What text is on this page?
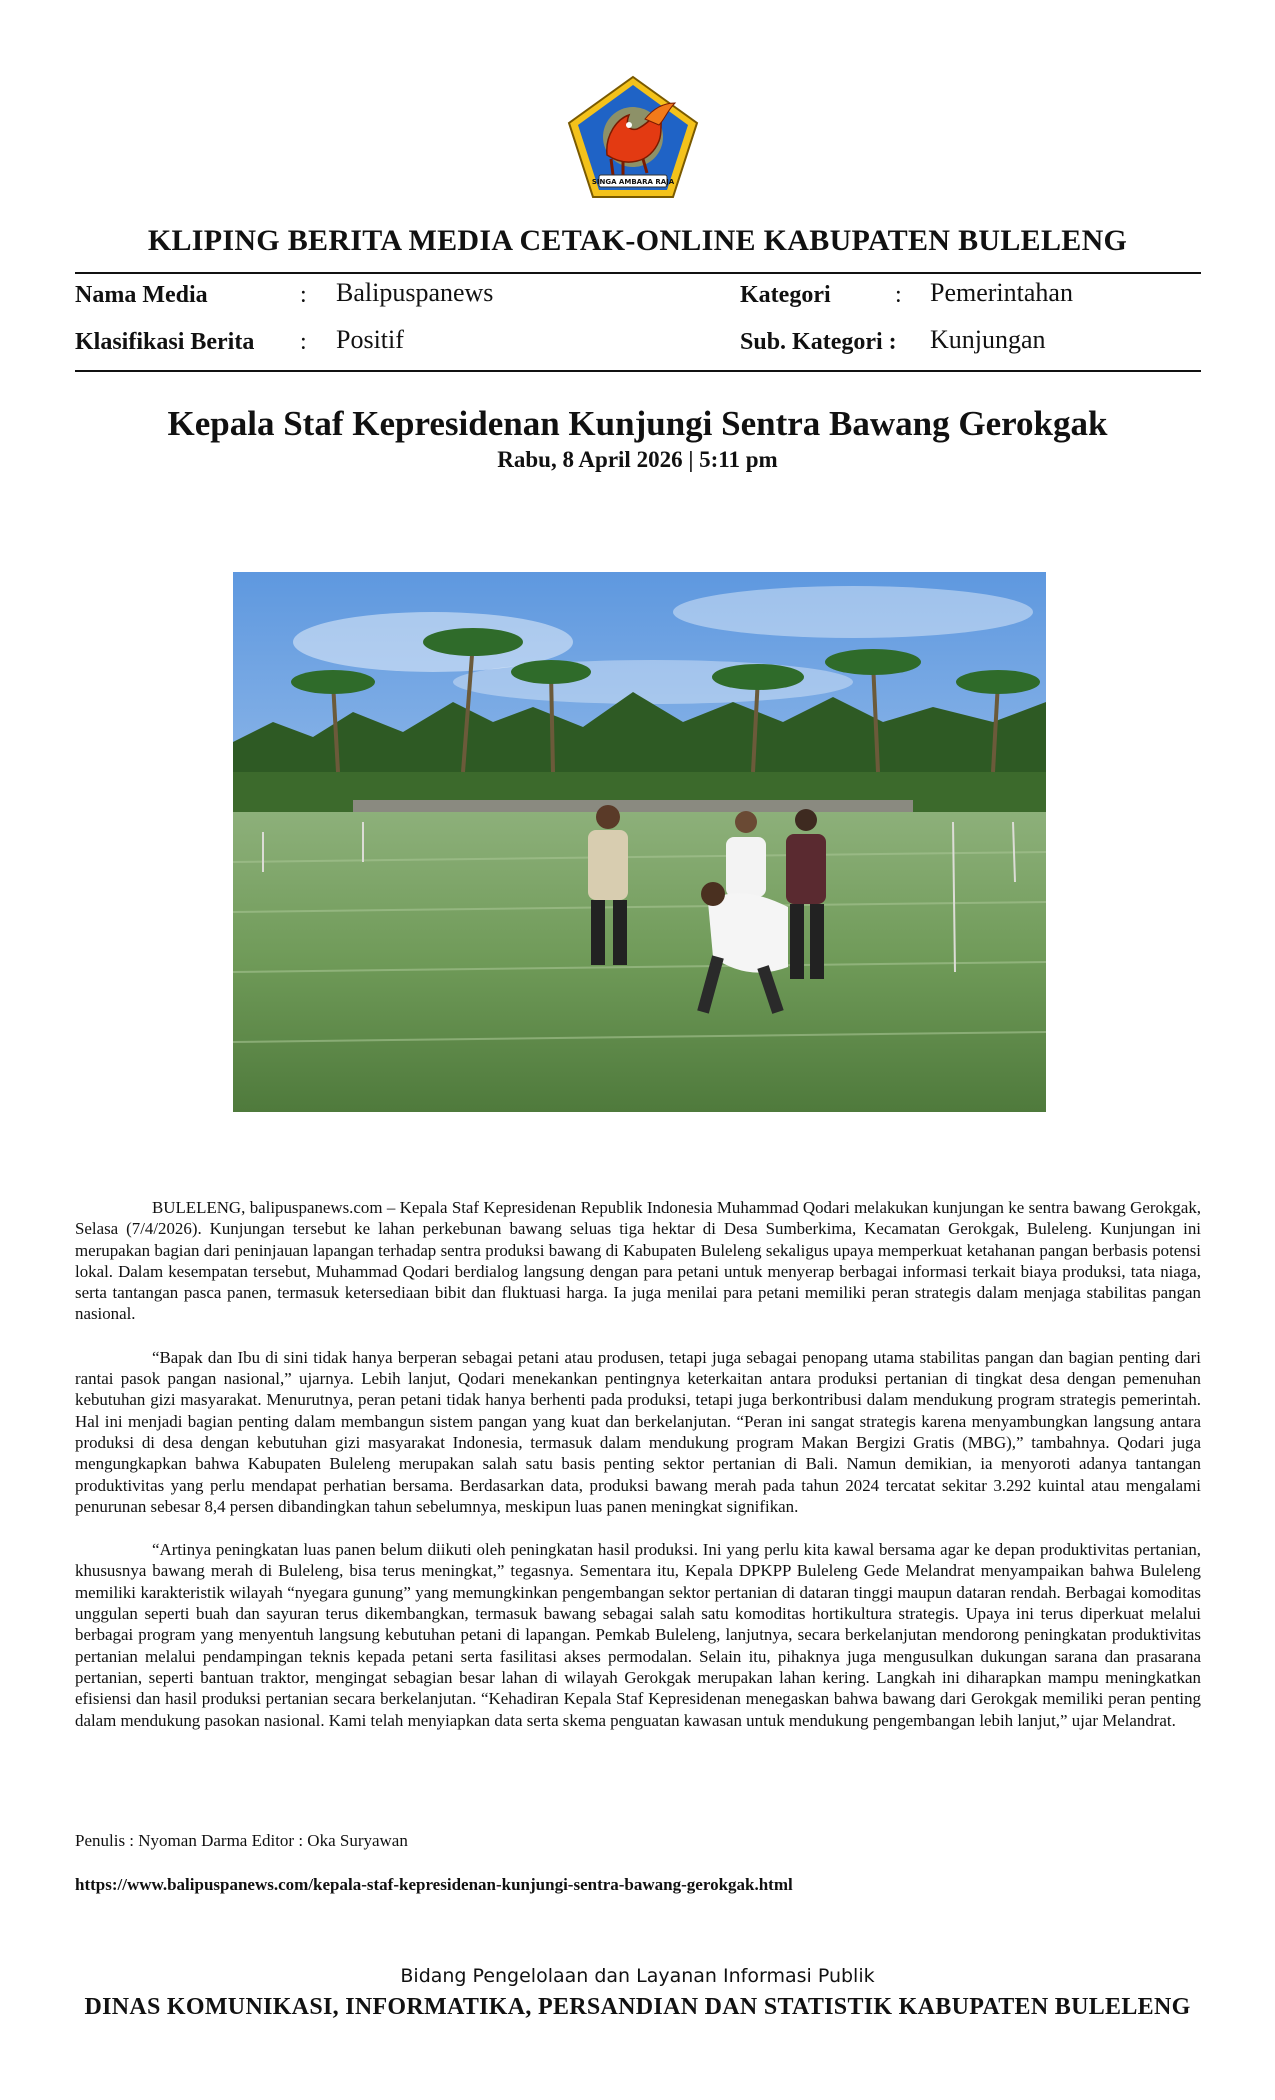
SINGA AMBARA RAJA
KLIPING BERITA MEDIA CETAK-ONLINE KABUPATEN BULELENG
Nama Media	: Balipuspanews	Kategori	: Pemerintahan
Klasifikasi Berita : Positif	Sub. Kategori : Kunjungan
Kepala Staf Kepresidenan Kunjungi Sentra Bawang Gerokgak
Rabu, 8 April 2026 | 5:11 pm

BULELENG, balipuspanews.com – Kepala Staf Kepresidenan Republik Indonesia Muhammad Qodari melakukan kunjungan ke sentra bawang Gerokgak, Selasa (7/4/2026). Kunjungan tersebut ke lahan perkebunan bawang seluas tiga hektar di Desa Sumberkima, Kecamatan Gerokgak, Buleleng. Kunjungan ini merupakan bagian dari peninjauan lapangan terhadap sentra produksi bawang di Kabupaten Buleleng sekaligus upaya memperkuat ketahanan pangan berbasis potensi lokal. Dalam kesempatan tersebut, Muhammad Qodari berdialog langsung dengan para petani untuk menyerap berbagai informasi terkait biaya produksi, tata niaga, serta tantangan pasca panen, termasuk ketersediaan bibit dan fluktuasi harga. Ia juga menilai para petani memiliki peran strategis dalam menjaga stabilitas pangan nasional.

“Bapak dan Ibu di sini tidak hanya berperan sebagai petani atau produsen, tetapi juga sebagai penopang utama stabilitas pangan dan bagian penting dari rantai pasok pangan nasional,” ujarnya. Lebih lanjut, Qodari menekankan pentingnya keterkaitan antara produksi pertanian di tingkat desa dengan pemenuhan kebutuhan gizi masyarakat. Menurutnya, peran petani tidak hanya berhenti pada produksi, tetapi juga berkontribusi dalam mendukung program strategis pemerintah. Hal ini menjadi bagian penting dalam membangun sistem pangan yang kuat dan berkelanjutan. “Peran ini sangat strategis karena menyambungkan langsung antara produksi di desa dengan kebutuhan gizi masyarakat Indonesia, termasuk dalam mendukung program Makan Bergizi Gratis (MBG),” tambahnya. Qodari juga mengungkapkan bahwa Kabupaten Buleleng merupakan salah satu basis penting sektor pertanian di Bali. Namun demikian, ia menyoroti adanya tantangan produktivitas yang perlu mendapat perhatian bersama. Berdasarkan data, produksi bawang merah pada tahun 2024 tercatat sekitar 3.292 kuintal atau mengalami penurunan sebesar 8,4 persen dibandingkan tahun sebelumnya, meskipun luas panen meningkat signifikan.

“Artinya peningkatan luas panen belum diikuti oleh peningkatan hasil produksi. Ini yang perlu kita kawal bersama agar ke depan produktivitas pertanian, khususnya bawang merah di Buleleng, bisa terus meningkat,” tegasnya. Sementara itu, Kepala DPKPP Buleleng Gede Melandrat menyampaikan bahwa Buleleng memiliki karakteristik wilayah “nyegara gunung” yang memungkinkan pengembangan sektor pertanian di dataran tinggi maupun dataran rendah. Berbagai komoditas unggulan seperti buah dan sayuran terus dikembangkan, termasuk bawang sebagai salah satu komoditas hortikultura strategis. Upaya ini terus diperkuat melalui berbagai program yang menyentuh langsung kebutuhan petani di lapangan. Pemkab Buleleng, lanjutnya, secara berkelanjutan mendorong peningkatan produktivitas pertanian melalui pendampingan teknis kepada petani serta fasilitasi akses permodalan. Selain itu, pihaknya juga mengusulkan dukungan sarana dan prasarana pertanian, seperti bantuan traktor, mengingat sebagian besar lahan di wilayah Gerokgak merupakan lahan kering. Langkah ini diharapkan mampu meningkatkan efisiensi dan hasil produksi pertanian secara berkelanjutan. “Kehadiran Kepala Staf Kepresidenan menegaskan bahwa bawang dari Gerokgak memiliki peran penting dalam mendukung pasokan nasional. Kami telah menyiapkan data serta skema penguatan kawasan untuk mendukung pengembangan lebih lanjut,” ujar Melandrat.

Penulis : Nyoman Darma Editor : Oka Suryawan
https://www.balipuspanews.com/kepala-staf-kepresidenan-kunjungi-sentra-bawang-gerokgak.html
Bidang Pengelolaan dan Layanan Informasi Publik
DINAS KOMUNIKASI, INFORMATIKA, PERSANDIAN DAN STATISTIK KABUPATEN BULELENG
